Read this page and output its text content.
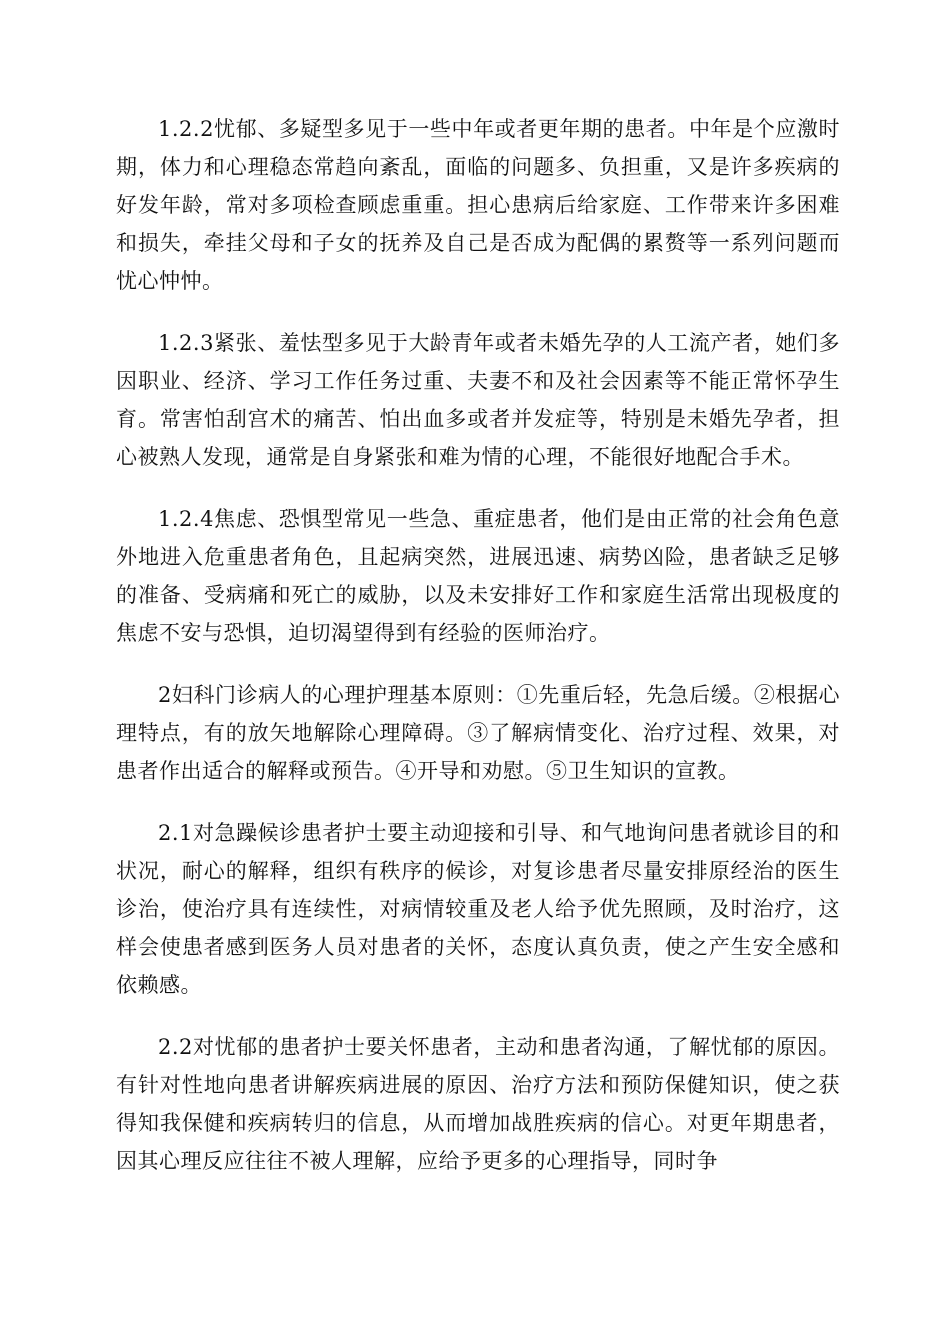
1.2.2忧郁、多疑型多见于一些中年或者更年期的患者。中年是个应激时期，体力和心理稳态常趋向紊乱，面临的问题多、负担重，又是许多疾病的好发年龄，常对多项检查顾虑重重。担心患病后给家庭、工作带来许多困难和损失，牵挂父母和子女的抚养及自己是否成为配偶的累赘等一系列问题而忧心忡忡。

1.2.3紧张、羞怯型多见于大龄青年或者未婚先孕的人工流产者，她们多因职业、经济、学习工作任务过重、夫妻不和及社会因素等不能正常怀孕生育。常害怕刮宫术的痛苦、怕出血多或者并发症等，特别是未婚先孕者，担心被熟人发现，通常是自身紧张和难为情的心理，不能很好地配合手术。

1.2.4焦虑、恐惧型常见一些急、重症患者，他们是由正常的社会角色意外地进入危重患者角色，且起病突然，进展迅速、病势凶险，患者缺乏足够的准备、受病痛和死亡的威胁，以及未安排好工作和家庭生活常出现极度的焦虑不安与恐惧，迫切渴望得到有经验的医师治疗。

2妇科门诊病人的心理护理基本原则：①先重后轻，先急后缓。②根据心理特点，有的放矢地解除心理障碍。③了解病情变化、治疗过程、效果，对患者作出适合的解释或预告。④开导和劝慰。⑤卫生知识的宣教。

2.1对急躁候诊患者护士要主动迎接和引导、和气地询问患者就诊目的和状况，耐心的解释，组织有秩序的候诊，对复诊患者尽量安排原经治的医生诊治，使治疗具有连续性，对病情较重及老人给予优先照顾，及时治疗，这样会使患者感到医务人员对患者的关怀，态度认真负责，使之产生安全感和依赖感。

2.2对忧郁的患者护士要关怀患者，主动和患者沟通，了解忧郁的原因。有针对性地向患者讲解疾病进展的原因、治疗方法和预防保健知识，使之获得知我保健和疾病转归的信息，从而增加战胜疾病的信心。对更年期患者，因其心理反应往往不被人理解，应给予更多的心理指导，同时争
